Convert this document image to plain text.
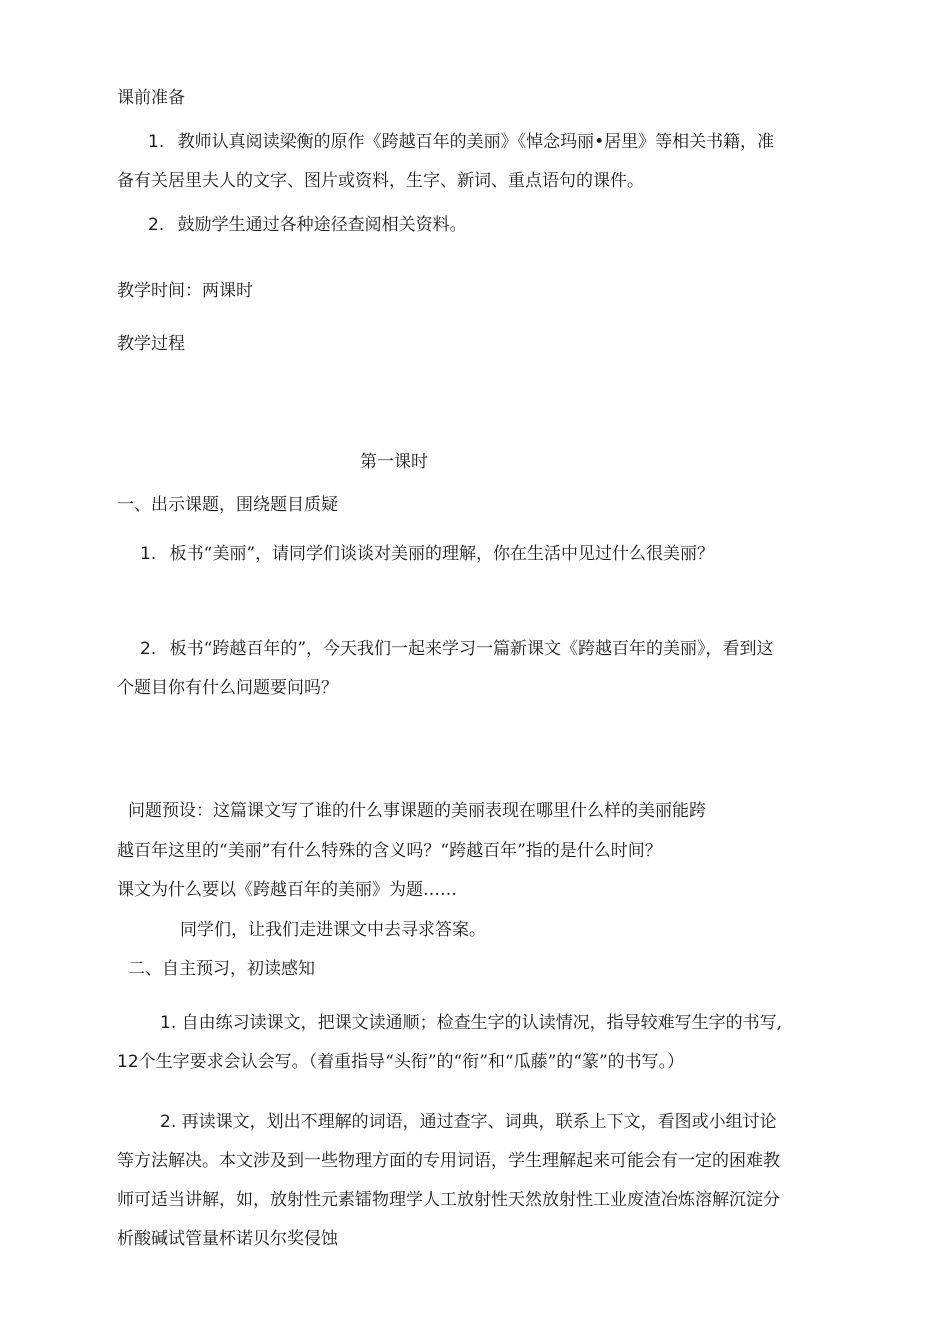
课前准备
1. 教师认真阅读梁衡的原作《跨越百年的美丽》《悼念玛丽•居里》等相关书籍，准
备有关居里夫人的文字、图片或资料，生字、新词、重点语句的课件。
2. 鼓励学生通过各种途径查阅相关资料。
教学时间：两课时
教学过程
第一课时
一、出示课题，围绕题目质疑
1. 板书“美丽”，请同学们谈谈对美丽的理解，你在生活中见过什么很美丽？
2. 板书“跨越百年的”，今天我们一起来学习一篇新课文《跨越百年的美丽》，看到这
个题目你有什么问题要问吗？
问题预设：这篇课文写了谁的什么事课题的美丽表现在哪里什么样的美丽能跨
越百年这里的“美丽”有什么特殊的含义吗？“跨越百年”指的是什么时间？
课文为什么要以《跨越百年的美丽》为题……
同学们，让我们走进课文中去寻求答案。
二、自主预习，初读感知
1. 自由练习读课文，把课文读通顺；检查生字的认读情况，指导较难写生字的书写,
12个生字要求会认会写。（着重指导“头衔”的“衔”和“瓜藤”的“篆”的书写。）
2. 再读课文，划出不理解的词语，通过查字、词典，联系上下文，看图或小组讨论
等方法解决。本文涉及到一些物理方面的专用词语，学生理解起来可能会有一定的困难教
师可适当讲解，如，放射性元素镭物理学人工放射性天然放射性工业废渣冶炼溶解沉淀分
析酸碱试管量杯诺贝尔奖侵蚀
